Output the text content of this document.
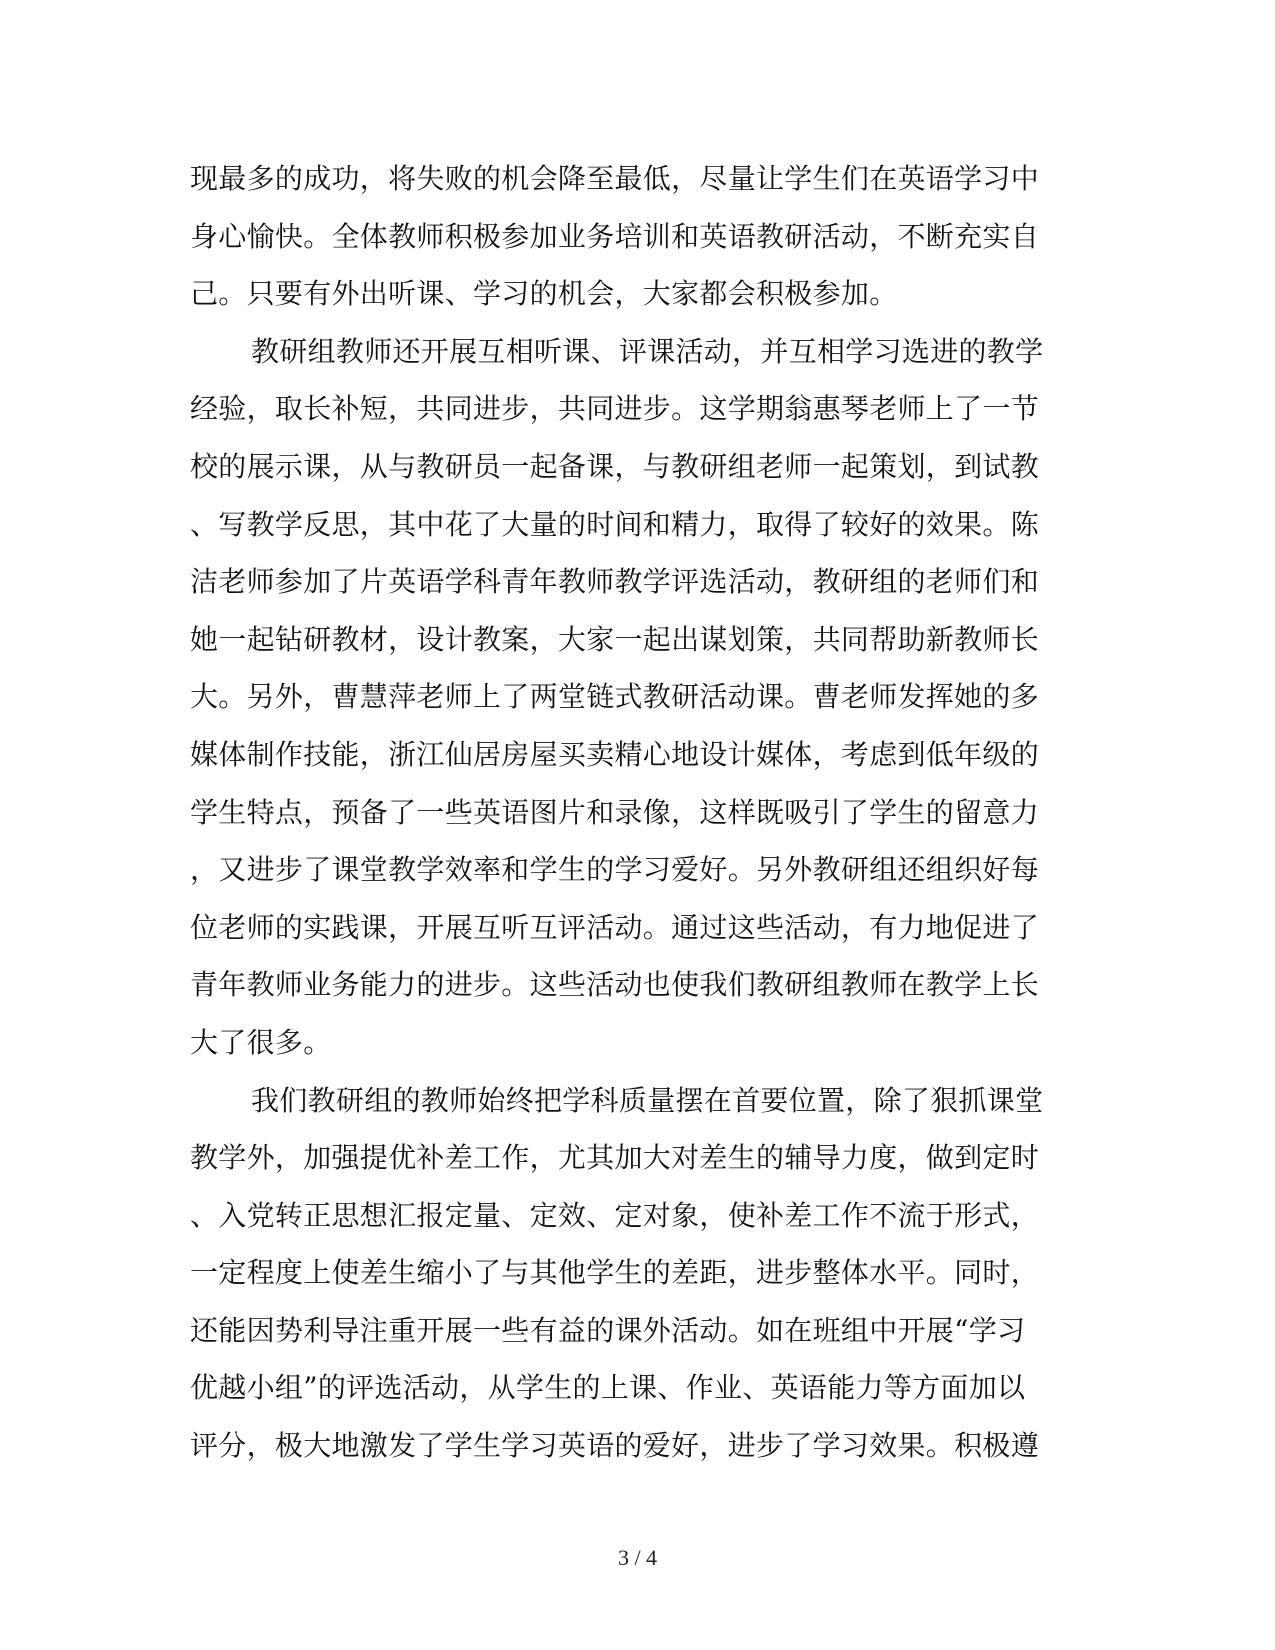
现最多的成功，将失败的机会降至最低，尽量让学生们在英语学习中
身心愉快。全体教师积极参加业务培训和英语教研活动，不断充实自
己。只要有外出听课、学习的机会，大家都会积极参加。
教研组教师还开展互相听课、评课活动，并互相学习选进的教学
经验，取长补短，共同进步，共同进步。这学期翁惠琴老师上了一节
校的展示课，从与教研员一起备课，与教研组老师一起策划，到试教
、写教学反思，其中花了大量的时间和精力，取得了较好的效果。陈
洁老师参加了片英语学科青年教师教学评选活动，教研组的老师们和
她一起钻研教材，设计教案，大家一起出谋划策，共同帮助新教师长
大。另外，曹慧萍老师上了两堂链式教研活动课。曹老师发挥她的多
媒体制作技能，浙江仙居房屋买卖精心地设计媒体，考虑到低年级的
学生特点，预备了一些英语图片和录像，这样既吸引了学生的留意力
，又进步了课堂教学效率和学生的学习爱好。另外教研组还组织好每
位老师的实践课，开展互听互评活动。通过这些活动，有力地促进了
青年教师业务能力的进步。这些活动也使我们教研组教师在教学上长
大了很多。
我们教研组的教师始终把学科质量摆在首要位置，除了狠抓课堂
教学外，加强提优补差工作，尤其加大对差生的辅导力度，做到定时
、入党转正思想汇报定量、定效、定对象，使补差工作不流于形式，
一定程度上使差生缩小了与其他学生的差距，进步整体水平。同时，
还能因势利导注重开展一些有益的课外活动。如在班组中开展“学习
优越小组”的评选活动，从学生的上课、作业、英语能力等方面加以
评分，极大地激发了学生学习英语的爱好，进步了学习效果。积极遵
3 / 4
